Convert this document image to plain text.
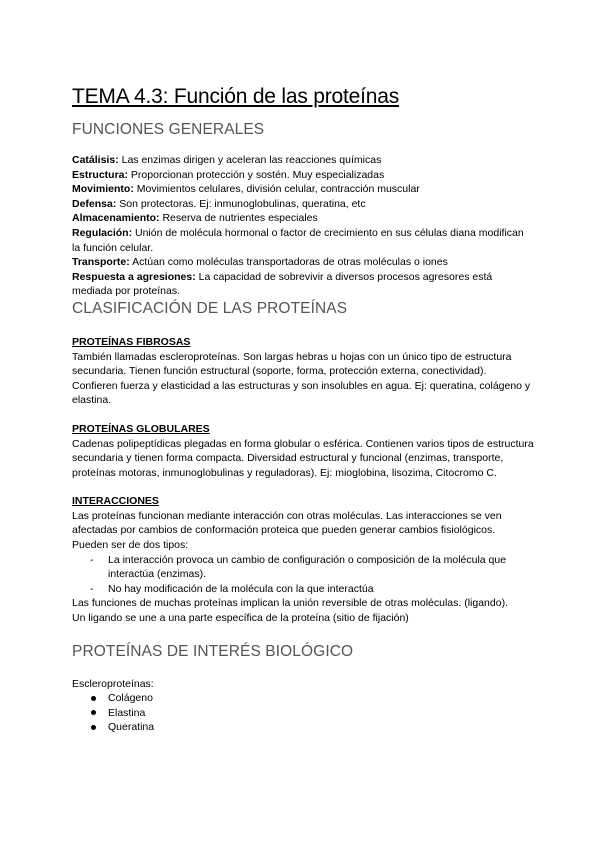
TEMA 4.3: Función de las proteínas
FUNCIONES GENERALES

Catálisis: Las enzimas dirigen y aceleran las reacciones químicas

Estructura: Proporcionan protección y sostén. Muy especializadas

Movimiento: Movimientos celulares, división celular, contracción muscular

Defensa: Son protectoras. Ej: inmunoglobulinas, queratina, etc

Almacenamiento: Reserva de nutrientes especiales

Regulación: Unión de molécula hormonal o factor de crecimiento en sus células diana modifican la función celular.

Transporte: Actúan como moléculas transportadoras de otras moléculas o iones

Respuesta a agresiones: La capacidad de sobrevivir a diversos procesos agresores está mediada por proteínas.

CLASIFICACIÓN DE LAS PROTEÍNAS

PROTEÍNAS FIBROSAS

También llamadas escleroproteínas. Son largas hebras u hojas con un único tipo de estructura secundaria. Tienen función estructural (soporte, forma, protección externa, conectividad). Confieren fuerza y elasticidad a las estructuras y son insolubles en agua. Ej: queratina, colágeno y elastina.

PROTEÍNAS GLOBULARES

Cadenas polipeptídicas plegadas en forma globular o esférica. Contienen varios tipos de estructura secundaria y tienen forma compacta. Diversidad estructural y funcional (enzimas, transporte, proteínas motoras, inmunoglobulinas y reguladoras). Ej: mioglobina, lisozima, Citocromo C.

INTERACCIONES

Las proteínas funcionan mediante interacción con otras moléculas. Las interacciones se ven afectadas por cambios de conformación proteica que pueden generar cambios fisiológicos. Pueden ser de dos tipos:

- La interacción provoca un cambio de configuración o composición de la molécula que interactúa (enzimas).
- No hay modificación de la molécula con la que interactúa

Las funciones de muchas proteínas implican la unión reversible de otras moléculas. (ligando).

Un ligando se une a una parte específica de la proteína (sitio de fijación)

PROTEÍNAS DE INTERÉS BIOLÓGICO

Escleroproteínas:

Colágeno
Elastina
Queratina
